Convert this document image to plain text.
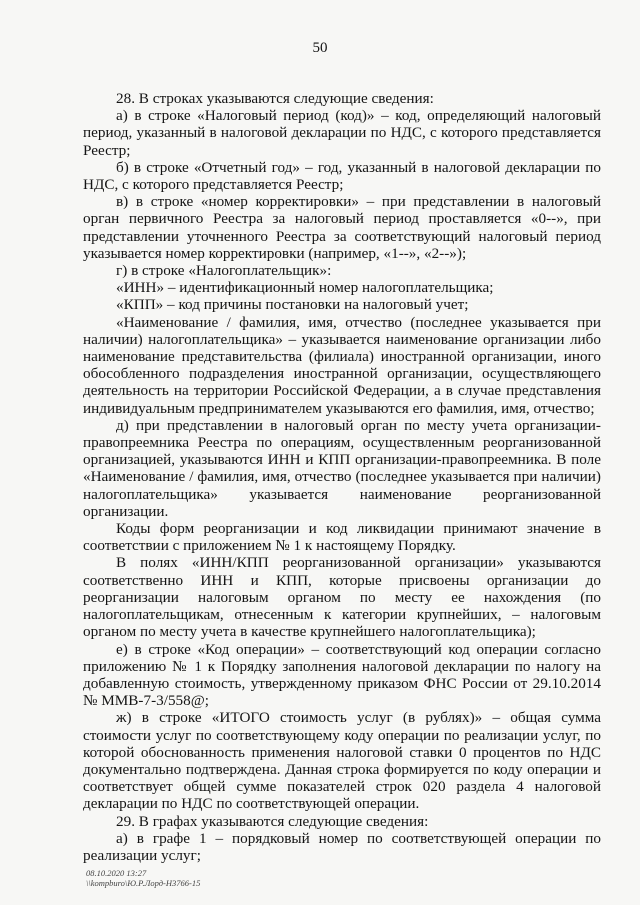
50

28. В строках указываются следующие сведения:

а) в строке «Налоговый период (код)» – код, определяющий налоговый период, указанный в налоговой декларации по НДС, с которого представляется Реестр;

б) в строке «Отчетный год» – год, указанный в налоговой декларации по НДС, с которого представляется Реестр;

в) в строке «номер корректировки» – при представлении в налоговый орган первичного Реестра за налоговый период проставляется «0--», при представлении уточненного Реестра за соответствующий налоговый период указывается номер корректировки (например, «1--», «2--»);

г) в строке «Налогоплательщик»:

«ИНН» – идентификационный номер налогоплательщика;

«КПП» – код причины постановки на налоговый учет;

«Наименование / фамилия, имя, отчество (последнее указывается при наличии) налогоплательщика» – указывается наименование организации либо наименование представительства (филиала) иностранной организации, иного обособленного подразделения иностранной организации, осуществляющего деятельность на территории Российской Федерации, а в случае представления индивидуальным предпринимателем указываются его фамилия, имя, отчество;

д) при представлении в налоговый орган по месту учета организации-правопреемника Реестра по операциям, осуществленным реорганизованной организацией, указываются ИНН и КПП организации-правопреемника. В поле «Наименование / фамилия, имя, отчество (последнее указывается при наличии) налогоплательщика» указывается наименование реорганизованной организации.

Коды форм реорганизации и код ликвидации принимают значение в соответствии с приложением № 1 к настоящему Порядку.

В полях «ИНН/КПП реорганизованной организации» указываются соответственно ИНН и КПП, которые присвоены организации до реорганизации налоговым органом по месту ее нахождения (по налогоплательщикам, отнесенным к категории крупнейших, – налоговым органом по месту учета в качестве крупнейшего налогоплательщика);

е) в строке «Код операции» – соответствующий код операции согласно приложению № 1 к Порядку заполнения налоговой декларации по налогу на добавленную стоимость, утвержденному приказом ФНС России от 29.10.2014 № ММВ-7-3/558@;

ж) в строке «ИТОГО стоимость услуг (в рублях)» – общая сумма стоимости услуг по соответствующему коду операции по реализации услуг, по которой обоснованность применения налоговой ставки 0 процентов по НДС документально подтверждена. Данная строка формируется по коду операции и соответствует общей сумме показателей строк 020 раздела 4 налоговой декларации по НДС по соответствующей операции.

29. В графах указываются следующие сведения:

а) в графе 1 – порядковый номер по соответствующей операции по реализации услуг;

08.10.2020 13:27
\\kompburo\Ю.Р.Лорд-Н3766-15
